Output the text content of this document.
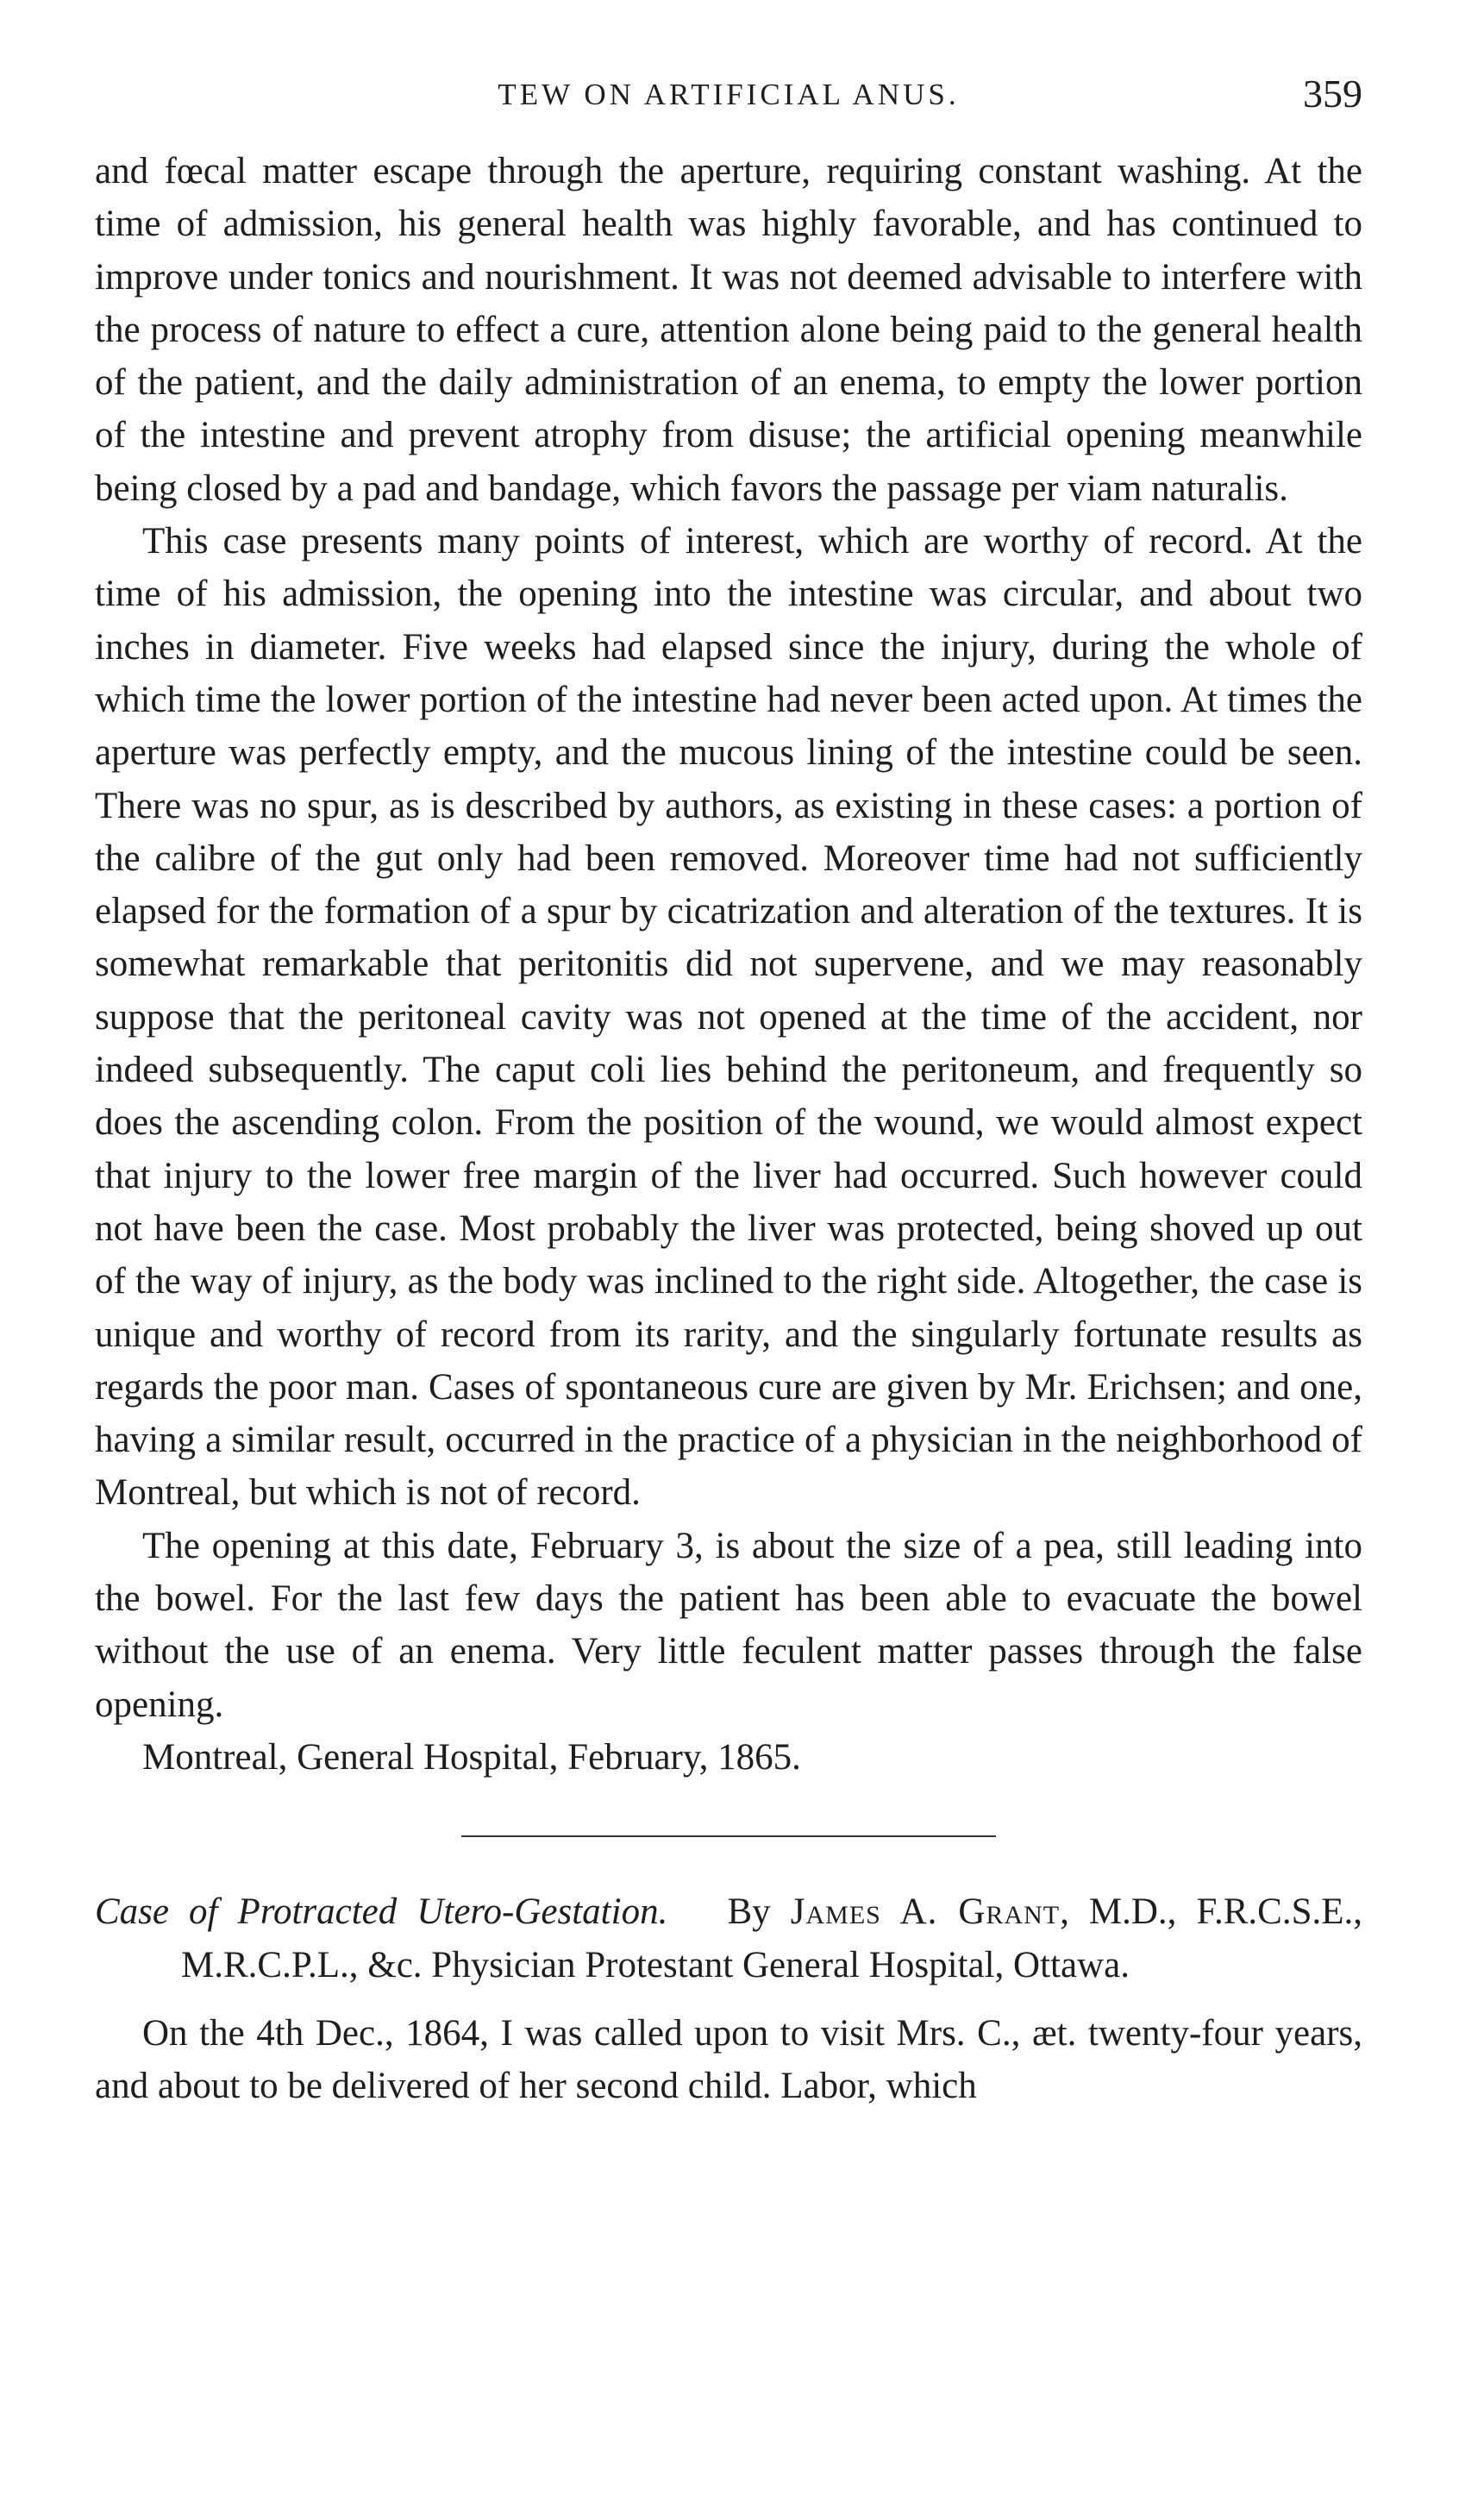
TEW ON ARTIFICIAL ANUS.	359

and fœcal matter escape through the aperture, requiring constant washing. At the time of admission, his general health was highly favorable, and has continued to improve under tonics and nourishment. It was not deemed advisable to interfere with the process of nature to effect a cure, attention alone being paid to the general health of the patient, and the daily administration of an enema, to empty the lower portion of the intestine and prevent atrophy from disuse; the artificial opening meanwhile being closed by a pad and bandage, which favors the passage per viam naturalis.

This case presents many points of interest, which are worthy of record. At the time of his admission, the opening into the intestine was circular, and about two inches in diameter. Five weeks had elapsed since the injury, during the whole of which time the lower portion of the intestine had never been acted upon. At times the aperture was perfectly empty, and the mucous lining of the intestine could be seen. There was no spur, as is described by authors, as existing in these cases: a portion of the calibre of the gut only had been removed. Moreover time had not sufficiently elapsed for the formation of a spur by cicatrization and alteration of the textures. It is somewhat remarkable that peritonitis did not supervene, and we may reasonably suppose that the peritoneal cavity was not opened at the time of the accident, nor indeed subsequently. The caput coli lies behind the peritoneum, and frequently so does the ascending colon. From the position of the wound, we would almost expect that injury to the lower free margin of the liver had occurred. Such however could not have been the case. Most probably the liver was protected, being shoved up out of the way of injury, as the body was inclined to the right side. Altogether, the case is unique and worthy of record from its rarity, and the singularly fortunate results as regards the poor man. Cases of spontaneous cure are given by Mr. Erichsen; and one, having a similar result, occurred in the practice of a physician in the neighborhood of Montreal, but which is not of record.

The opening at this date, February 3, is about the size of a pea, still leading into the bowel. For the last few days the patient has been able to evacuate the bowel without the use of an enema. Very little feculent matter passes through the false opening.

Montreal, General Hospital, February, 1865.

Case of Protracted Utero-Gestation. By James A. Grant, M.D., F.R.C.S.E., M.R.C.P.L., &c. Physician Protestant General Hospital, Ottawa.

On the 4th Dec., 1864, I was called upon to visit Mrs. C., æt. twenty-four years, and about to be delivered of her second child. Labor, which
